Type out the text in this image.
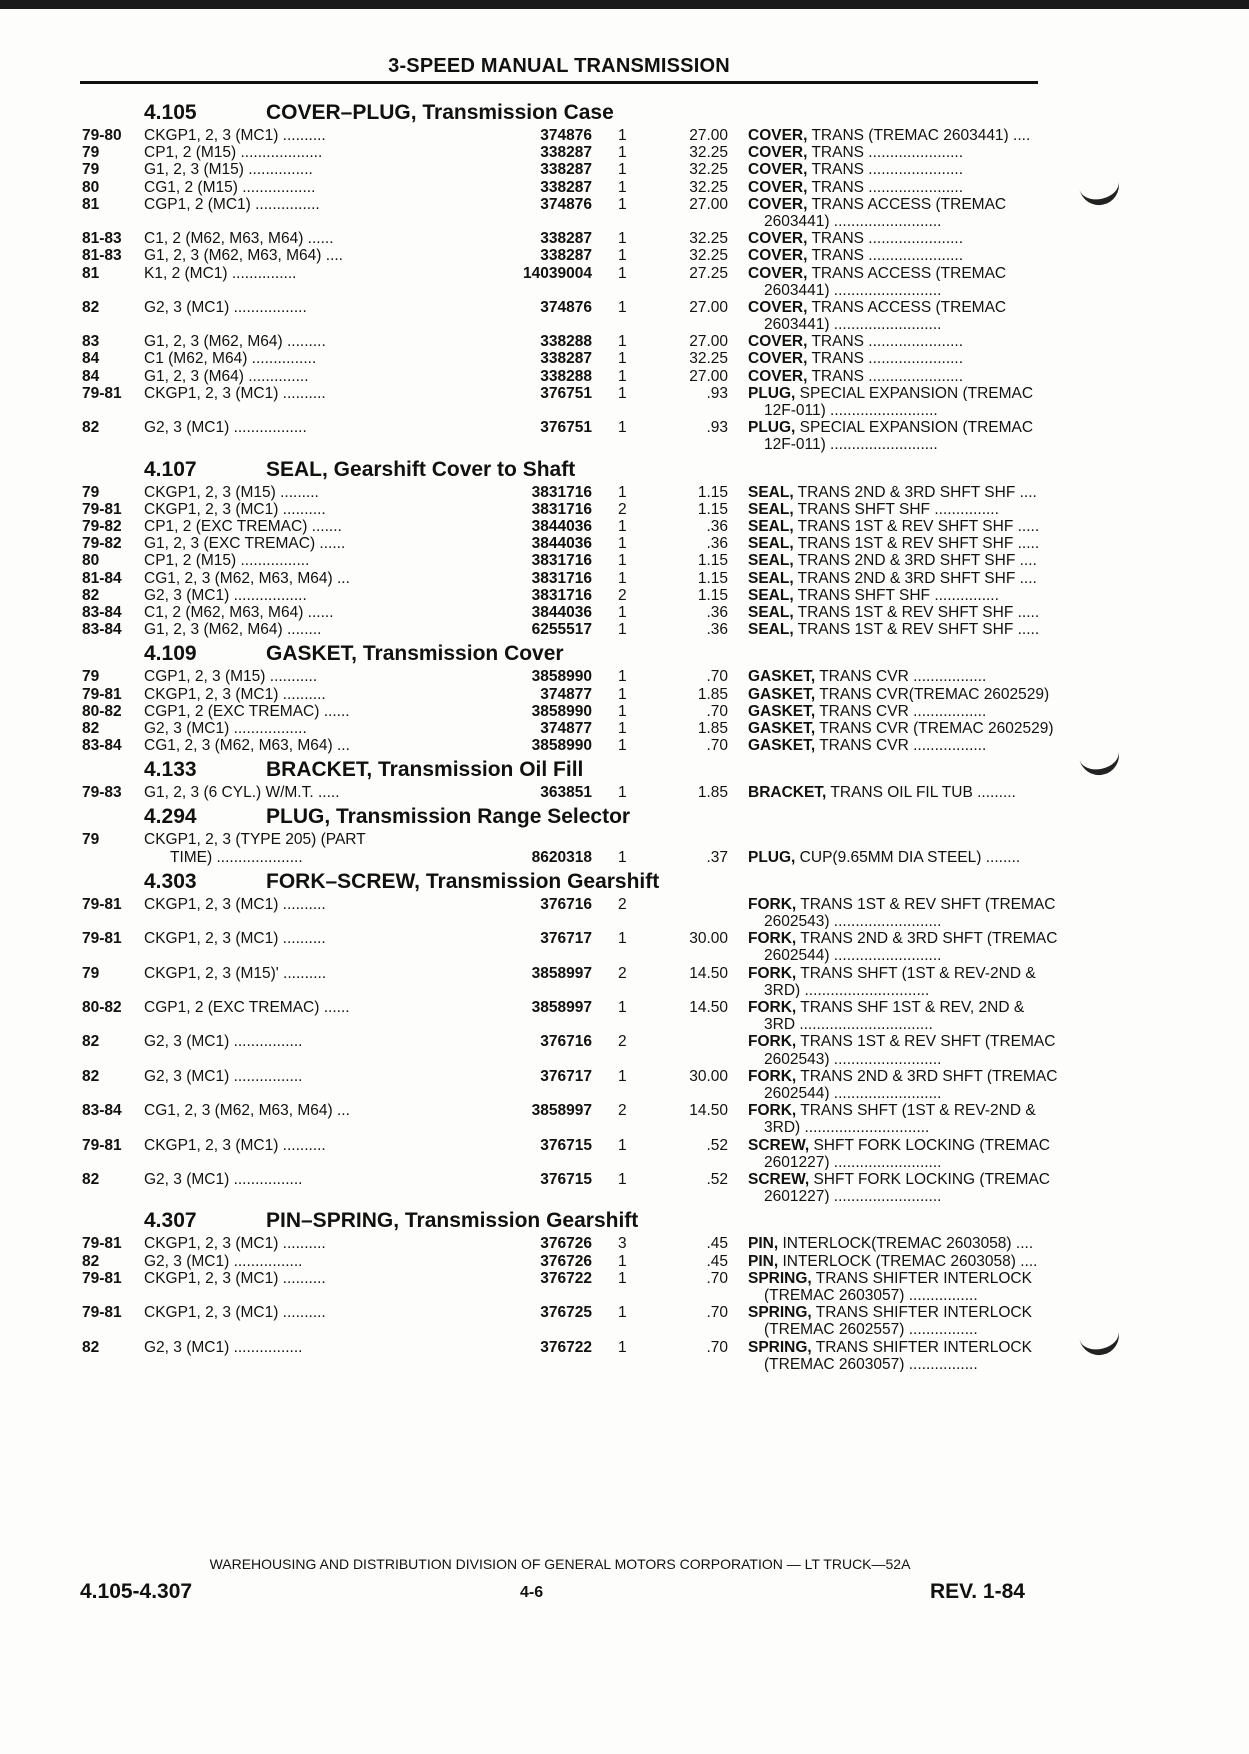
3-SPEED MANUAL TRANSMISSION
4.105	COVER–PLUG, Transmission Case
79-80 CKGP1, 2, 3 (MC1) ..........	374876 1	27.00 COVER, TRANS (TREMAC 2603441) ....
79	CP1, 2 (M15) ...................	338287 1	32.25 COVER, TRANS ......................
79	G1, 2, 3 (M15) ...............	338287 1	32.25 COVER, TRANS ......................
80	CG1, 2 (M15) .................	338287 1	32.25 COVER, TRANS ......................
81	CGP1, 2 (MC1) ...............	374876 1	27.00 COVER, TRANS ACCESS (TREMAC
2603441) .........................
81-83 C1, 2 (M62, M63, M64) ......	338287 1	32.25 COVER, TRANS ......................
81-83 G1, 2, 3 (M62, M63, M64) ....	338287 1	32.25 COVER, TRANS ......................
81	K1, 2 (MC1) ...............	14039004 1	27.25 COVER, TRANS ACCESS (TREMAC
2603441) .........................
82	G2, 3 (MC1) .................	374876 1	27.00 COVER, TRANS ACCESS (TREMAC
2603441) .........................
83	G1, 2, 3 (M62, M64) .........	338288 1	27.00 COVER, TRANS ......................
84	C1 (M62, M64) ...............	338287 1	32.25 COVER, TRANS ......................
84	G1, 2, 3 (M64) ..............	338288 1	27.00 COVER, TRANS ......................
79-81 CKGP1, 2, 3 (MC1) ..........	376751 1	.93 PLUG, SPECIAL EXPANSION (TREMAC
12F-011) .........................
82	G2, 3 (MC1) .................	376751 1	.93 PLUG, SPECIAL EXPANSION (TREMAC
12F-011) .........................
4.107	SEAL, Gearshift Cover to Shaft
79	CKGP1, 2, 3 (M15) .........	3831716 1	1.15 SEAL, TRANS 2ND & 3RD SHFT SHF ....
79-81 CKGP1, 2, 3 (MC1) ..........	3831716 2	1.15 SEAL, TRANS SHFT SHF ...............
79-82 CP1, 2 (EXC TREMAC) .......	3844036 1	.36 SEAL, TRANS 1ST & REV SHFT SHF .....
79-82 G1, 2, 3 (EXC TREMAC) ......	3844036 1	.36 SEAL, TRANS 1ST & REV SHFT SHF .....
80	CP1, 2 (M15) ................	3831716 1	1.15 SEAL, TRANS 2ND & 3RD SHFT SHF ....
81-84 CG1, 2, 3 (M62, M63, M64) ...	3831716 1	1.15 SEAL, TRANS 2ND & 3RD SHFT SHF ....
82	G2, 3 (MC1) .................	3831716 2	1.15 SEAL, TRANS SHFT SHF ...............
83-84 C1, 2 (M62, M63, M64) ......	3844036 1	.36 SEAL, TRANS 1ST & REV SHFT SHF .....
83-84 G1, 2, 3 (M62, M64) ........	6255517 1	.36 SEAL, TRANS 1ST & REV SHFT SHF .....
4.109	GASKET, Transmission Cover
79	CGP1, 2, 3 (M15) ...........	3858990 1	.70 GASKET, TRANS CVR .................
79-81 CKGP1, 2, 3 (MC1) ..........	374877 1	1.85 GASKET, TRANS CVR(TREMAC 2602529)
80-82 CGP1, 2 (EXC TREMAC) ......	3858990 1	.70 GASKET, TRANS CVR .................
82	G2, 3 (MC1) .................	374877 1	1.85 GASKET, TRANS CVR (TREMAC 2602529)
83-84 CG1, 2, 3 (M62, M63, M64) ...	3858990 1	.70 GASKET, TRANS CVR .................
4.133	BRACKET, Transmission Oil Fill
79-83 G1, 2, 3 (6 CYL.) W/M.T. .....	363851 1	1.85 BRACKET, TRANS OIL FIL TUB .........
4.294	PLUG, Transmission Range Selector
79	CKGP1, 2, 3 (TYPE 205) (PART
TIME) ....................	8620318 1	.37 PLUG, CUP(9.65MM DIA STEEL) ........
4.303	FORK–SCREW, Transmission Gearshift
79-81 CKGP1, 2, 3 (MC1) ..........	376716 2	FORK, TRANS 1ST & REV SHFT (TREMAC
2602543) .........................
79-81 CKGP1, 2, 3 (MC1) ..........	376717 1	30.00 FORK, TRANS 2ND & 3RD SHFT (TREMAC
2602544) .........................
79	CKGP1, 2, 3 (M15)' ..........	3858997 2	14.50 FORK, TRANS SHFT (1ST & REV-2ND &
3RD) .............................
80-82 CGP1, 2 (EXC TREMAC) ......	3858997 1	14.50 FORK, TRANS SHF 1ST & REV, 2ND &
3RD ...............................
82	G2, 3 (MC1) ................	376716 2	FORK, TRANS 1ST & REV SHFT (TREMAC
2602543) .........................
82	G2, 3 (MC1) ................	376717 1	30.00 FORK, TRANS 2ND & 3RD SHFT (TREMAC
2602544) .........................
83-84 CG1, 2, 3 (M62, M63, M64) ...	3858997 2	14.50 FORK, TRANS SHFT (1ST & REV-2ND &
3RD) .............................
79-81 CKGP1, 2, 3 (MC1) ..........	376715 1	.52 SCREW, SHFT FORK LOCKING (TREMAC
2601227) .........................
82	G2, 3 (MC1) ................	376715 1	.52 SCREW, SHFT FORK LOCKING (TREMAC
2601227) .........................
4.307	PIN–SPRING, Transmission Gearshift
79-81 CKGP1, 2, 3 (MC1) ..........	376726 3	.45 PIN, INTERLOCK(TREMAC 2603058) ....
82	G2, 3 (MC1) ................	376726 1	.45 PIN, INTERLOCK (TREMAC 2603058) ....
79-81 CKGP1, 2, 3 (MC1) ..........	376722 1	.70 SPRING, TRANS SHIFTER INTERLOCK
(TREMAC 2603057) ................
79-81 CKGP1, 2, 3 (MC1) ..........	376725 1	.70 SPRING, TRANS SHIFTER INTERLOCK
(TREMAC 2602557) ................
82	G2, 3 (MC1) ................	376722 1	.70 SPRING, TRANS SHIFTER INTERLOCK
(TREMAC 2603057) ................
WAREHOUSING AND DISTRIBUTION DIVISION OF GENERAL MOTORS CORPORATION — LT TRUCK—52A
4.105-4.307	4-6	REV. 1-84
